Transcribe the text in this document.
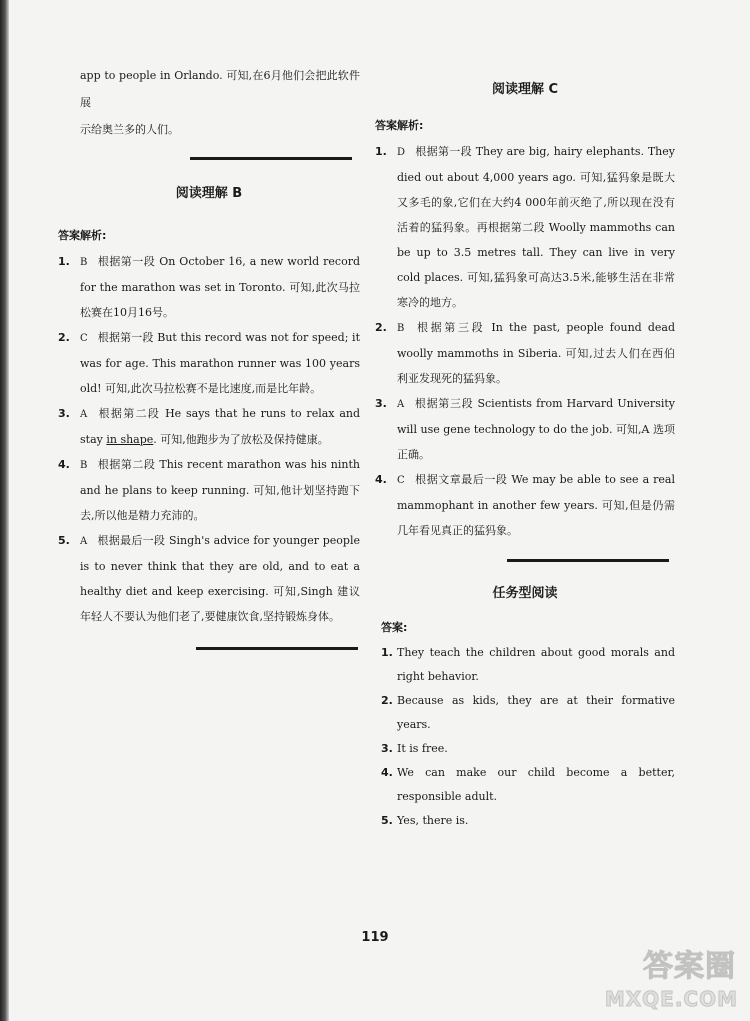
app to people in Orlando. 可知,在6月他们会把此软件展

示给奥兰多的人们。

阅读理解 B
答案解析:
1.	B 根据第一段 On October 16, a new world record for the marathon was set in Toronto. 可知,此次马拉松赛在10月16号。
2.	C 根据第一段 But this record was not for speed; it was for age. This marathon runner was 100 years old! 可知,此次马拉松赛不是比速度,而是比年龄。
3.	A 根据第二段 He says that he runs to relax and stay in shape. 可知,他跑步为了放松及保持健康。
4.	B 根据第二段 This recent marathon was his ninth and he plans to keep running. 可知,他计划坚持跑下去,所以他是精力充沛的。
5.	A 根据最后一段 Singh's advice for younger people is to never think that they are old, and to eat a healthy diet and keep exercising. 可知,Singh 建议年轻人不要认为他们老了,要健康饮食,坚持锻炼身体。
阅读理解 C
答案解析:
1.	D 根据第一段 They are big, hairy elephants. They died out about 4,000 years ago. 可知,猛犸象是既大又多毛的象,它们在大约4 000年前灭绝了,所以现在没有活着的猛犸象。再根据第二段 Woolly mammoths can be up to 3.5 metres tall. They can live in very cold places. 可知,猛犸象可高达3.5米,能够生活在非常寒冷的地方。
2.	B 根据第三段 In the past, people found dead woolly mammoths in Siberia. 可知,过去人们在西伯利亚发现死的猛犸象。
3.	A 根据第三段 Scientists from Harvard University will use gene technology to do the job. 可知,A 选项正确。
4.	C 根据文章最后一段 We may be able to see a real mammophant in another few years. 可知,但是仍需几年看见真正的猛犸象。
任务型阅读
答案:
1. They teach the children about good morals and right behavior.
2. Because as kids, they are at their formative years.
3. It is free.
4. We can make our child become a better, responsible adult.
5. Yes, there is.
119
答案圈
MXQE.COM
